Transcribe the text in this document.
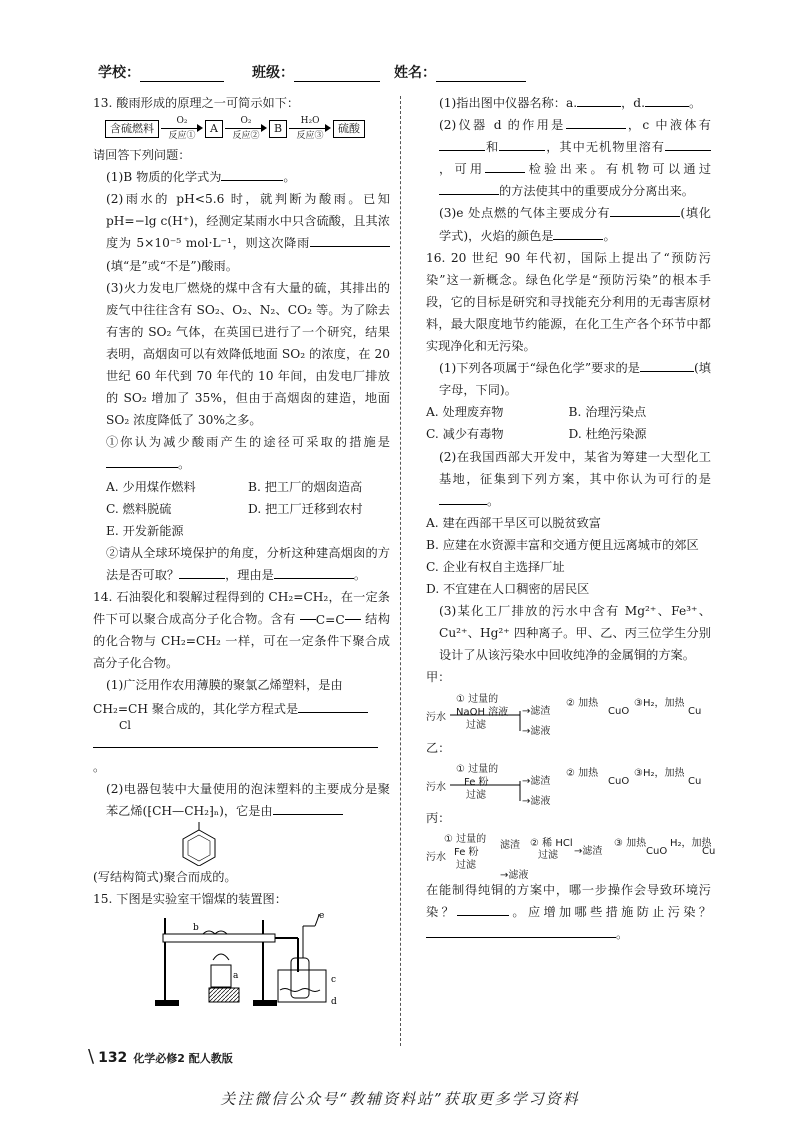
学校：	班级：	姓名：

13. 酸雨形成的原理之一可简示如下：

含硫燃料
O₂
反应①
A
O₂
反应②
B
H₂O
反应③
硫酸

请回答下列问题：

(1)B 物质的化学式为	。

(2)雨水的 pH<5.6 时，就判断为酸雨。已知 pH=−lg c(H⁺)，经测定某雨水中只含硫酸，且其浓度为 5×10⁻⁵ mol·L⁻¹，则这次降雨(填“是”或“不是”)酸雨。

(3)火力发电厂燃烧的煤中含有大量的硫，其排出的废气中往往含有 SO₂、O₂、N₂、CO₂ 等。为了除去有害的 SO₂ 气体，在英国已进行了一个研究，结果表明，高烟囱可以有效降低地面 SO₂ 的浓度，在 20 世纪 60 年代到 70 年代的 10 年间，由发电厂排放的 SO₂ 增加了 35%，但由于高烟囱的建造，地面 SO₂ 浓度降低了 30%之多。

①你认为减少酸雨产生的途径可采取的措施是。

A. 少用煤作燃料	B. 把工厂的烟囱造高
C. 燃料脱硫	D. 把工厂迁移到农村
E. 开发新能源

②请从全球环境保护的角度，分析这种建高烟囱的方法是否可取？	，理由是	。

14. 石油裂化和裂解过程得到的 CH₂=CH₂，在一定条件下可以聚合成高分子化合物。含有 C=C 结构的化合物与 CH₂=CH₂ 一样，可在一定条件下聚合成高分子化合物。

(1)广泛用作农用薄膜的聚氯乙烯塑料，是由

CH₂=CH 聚合成的，其化学方程式是

Cl

。

(2)电器包装中大量使用的泡沫塑料的主要成分是聚苯乙烯(⁅CH—CH₂⁆ₙ)，它是由

(写结构简式)聚合而成的。

15. 下图是实验室干馏煤的装置图：

b
a	c
d
e

(1)指出图中仪器名称：a.	，d.	。

(2)仪器 d 的作用是	，c 中液体有和	，其中无机物里溶有，可用	检验出来。有机物可以通过的方法使其中的重要成分分离出来。

(3)e 处点燃的气体主要成分有	(填化学式)，火焰的颜色是	。

16. 20 世纪 90 年代初，国际上提出了“预防污染”这一新概念。绿色化学是“预防污染”的根本手段，它的目标是研究和寻找能充分利用的无毒害原材料，最大限度地节约能源，在化工生产各个环节中都实现净化和无污染。

(1)下列各项属于“绿色化学”要求的是	(填字母，下同)。

A. 处理废弃物	B. 治理污染点
C. 减少有毒物	D. 杜绝污染源

(2)在我国西部大开发中，某省为筹建一大型化工基地，征集到下列方案，其中你认为可行的是。

A. 建在西部干旱区可以脱贫致富

B. 应建在水资源丰富和交通方便且远离城市的郊区

C. 企业有权自主选择厂址

D. 不宜建在人口稠密的居民区

(3)某化工厂排放的污水中含有 Mg²⁺、Fe³⁺、Cu²⁺、Hg²⁺ 四种离子。甲、乙、丙三位学生分别设计了从该污染水中回收纯净的金属铜的方案。

甲：

① 过量的
NaOH 溶液
过滤
污水
→滤渣
→滤液
② 加热
CuO
③H₂，加热
Cu

乙：

① 过量的
Fe 粉
过滤
污水
→滤渣
→滤液
② 加热
CuO
③H₂，加热
Cu

丙：

① 过量的
Fe 粉
过滤
污水
滤渣 ② 稀 HCl
过滤 →滤渣
③ 加热
CuO
H₂，加热
Cu
→滤液

在能制得纯铜的方案中，哪一步操作会导致环境污染？	。应增加哪些措施防止污染？。

\ 132 化学必修2 配人教版
关注微信公众号“教辅资料站”获取更多学习资料
